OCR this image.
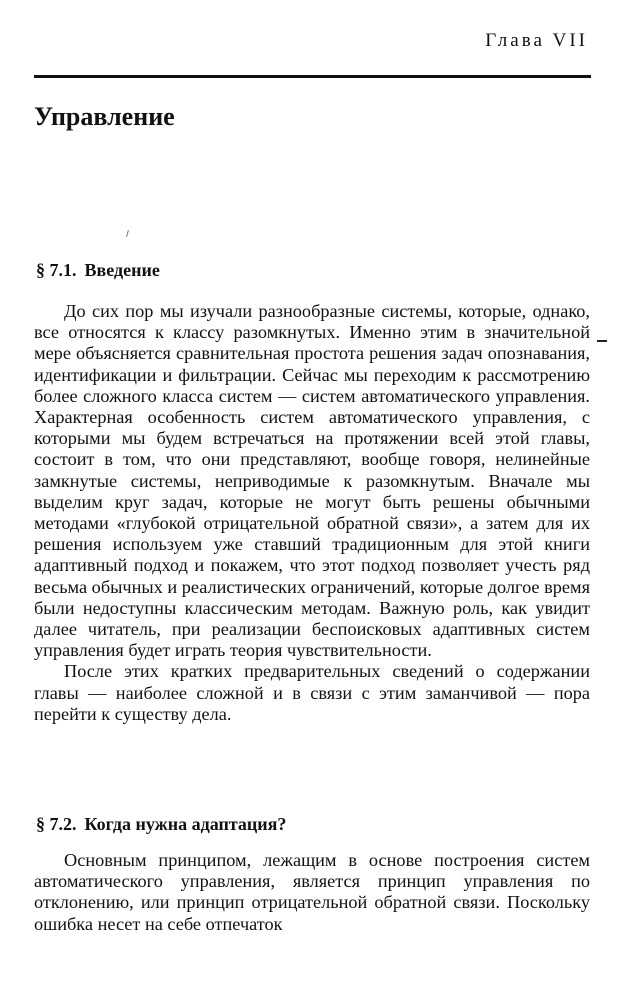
Глава VII
Управление
§ 7.1. Введение

До сих пор мы изучали разнообразные системы, которые, однако, все относятся к классу разомкнутых. Именно этим в значительной мере объясняется сравнительная простота решения задач опознавания, идентификации и фильтрации. Сейчас мы переходим к рассмотрению более сложного класса систем — систем автоматического управления. Характерная особенность систем автоматического управления, с которыми мы будем встречаться на протяжении всей этой главы, состоит в том, что они представляют, вообще говоря, нелинейные замкнутые системы, неприводимые к разомкнутым. Вначале мы выделим круг задач, которые не могут быть решены обычными методами «глубокой отрицательной обратной связи», а затем для их решения используем уже ставший традиционным для этой книги адаптивный подход и покажем, что этот подход позволяет учесть ряд весьма обычных и реалистических ограничений, которые долгое время были недоступны классическим методам. Важную роль, как увидит далее читатель, при реализации беспоисковых адаптивных систем управления будет играть теория чувствительности.

После этих кратких предварительных сведений о содержании главы — наиболее сложной и в связи с этим заманчивой — пора перейти к существу дела.

§ 7.2. Когда нужна адаптация?

Основным принципом, лежащим в основе построения систем автоматического управления, является принцип управления по отклонению, или принцип отрицательной обратной связи. Поскольку ошибка несет на себе отпечаток
